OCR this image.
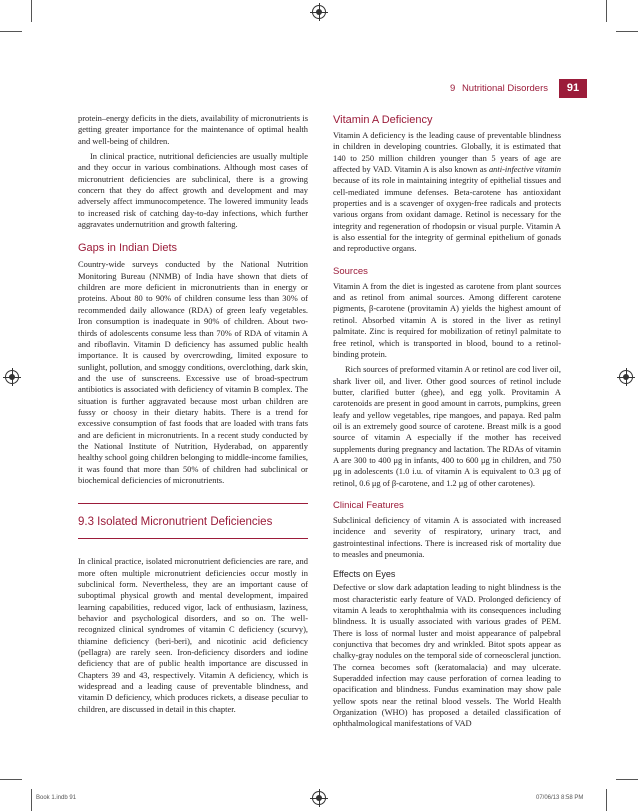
9 Nutritional Disorders	91

protein–energy deficits in the diets, availability of micronutrients is getting greater importance for the maintenance of optimal health and well-being of children.

In clinical practice, nutritional deficiencies are usually multiple and they occur in various combinations. Although most cases of micronutrient deficiencies are subclinical, there is a growing concern that they do affect growth and development and may adversely affect immunocompetence. The lowered immunity leads to increased risk of catching day-to-day infections, which further aggravates undernutrition and growth faltering.

Gaps in Indian Diets

Country-wide surveys conducted by the National Nutrition Monitoring Bureau (NNMB) of India have shown that diets of children are more deficient in micronutrients than in energy or proteins. About 80 to 90% of children consume less than 30% of recommended daily allowance (RDA) of green leafy vegetables. Iron consumption is inadequate in 90% of children. About two-thirds of adolescents consume less than 70% of RDA of vitamin A and riboflavin. Vitamin D deficiency has assumed public health importance. It is caused by overcrowding, limited exposure to sunlight, pollution, and smoggy conditions, overclothing, dark skin, and the use of sunscreens. Excessive use of broad-spectrum antibiotics is associated with deficiency of vitamin B complex. The situation is further aggravated because most urban children are fussy or choosy in their dietary habits. There is a trend for excessive consumption of fast foods that are loaded with trans fats and are deficient in micronutrients. In a recent study conducted by the National Institute of Nutrition, Hyderabad, on apparently healthy school going children belonging to middle-income families, it was found that more than 50% of children had subclinical or biochemical deficiencies of micronutrients.

9.3 Isolated Micronutrient Deficiencies

In clinical practice, isolated micronutrient deficiencies are rare, and more often multiple micronutrient deficiencies occur mostly in subclinical form. Nevertheless, they are an important cause of suboptimal physical growth and mental development, impaired learning capabilities, reduced vigor, lack of enthusiasm, laziness, behavior and psychological disorders, and so on. The well-recognized clinical syndromes of vitamin C deficiency (scurvy), thiamine deficiency (beri-beri), and nicotinic acid deficiency (pellagra) are rarely seen. Iron-deficiency disorders and iodine deficiency that are of public health importance are discussed in Chapters 39 and 43, respectively. Vitamin A deficiency, which is widespread and a leading cause of preventable blindness, and vitamin D deficiency, which produces rickets, a disease peculiar to children, are discussed in detail in this chapter.

Vitamin A Deficiency

Vitamin A deficiency is the leading cause of preventable blindness in children in developing countries. Globally, it is estimated that 140 to 250 million children younger than 5 years of age are affected by VAD. Vitamin A is also known as anti-infective vitamin because of its role in maintaining integrity of epithelial tissues and cell-mediated immune defenses. Beta-carotene has antioxidant properties and is a scavenger of oxygen-free radicals and protects various organs from oxidant damage. Retinol is necessary for the integrity and regeneration of rhodopsin or visual purple. Vitamin A is also essential for the integrity of germinal epithelium of gonads and reproductive organs.

Sources

Vitamin A from the diet is ingested as carotene from plant sources and as retinol from animal sources. Among different carotene pigments, β-carotene (provitamin A) yields the highest amount of retinol. Absorbed vitamin A is stored in the liver as retinyl palmitate. Zinc is required for mobilization of retinyl palmitate to free retinol, which is transported in blood, bound to a retinol-binding protein.

Rich sources of preformed vitamin A or retinol are cod liver oil, shark liver oil, and liver. Other good sources of retinol include butter, clarified butter (ghee), and egg yolk. Provitamin A carotenoids are present in good amount in carrots, pumpkins, green leafy and yellow vegetables, ripe mangoes, and papaya. Red palm oil is an extremely good source of carotene. Breast milk is a good source of vitamin A especially if the mother has received supplements during pregnancy and lactation. The RDAs of vitamin A are 300 to 400 μg in infants, 400 to 600 μg in children, and 750 μg in adolescents (1.0 i.u. of vitamin A is equivalent to 0.3 μg of retinol, 0.6 μg of β-carotene, and 1.2 μg of other carotenes).

Clinical Features

Subclinical deficiency of vitamin A is associated with increased incidence and severity of respiratory, urinary tract, and gastrointestinal infections. There is increased risk of mortality due to measles and pneumonia.

Effects on Eyes

Defective or slow dark adaptation leading to night blindness is the most characteristic early feature of VAD. Prolonged deficiency of vitamin A leads to xerophthalmia with its consequences including blindness. It is usually associated with various grades of PEM. There is loss of normal luster and moist appearance of palpebral conjunctiva that becomes dry and wrinkled. Bitot spots appear as chalky-gray nodules on the temporal side of corneoscleral junction. The cornea becomes soft (keratomalacia) and may ulcerate. Superadded infection may cause perforation of cornea leading to opacification and blindness. Fundus examination may show pale yellow spots near the retinal blood vessels. The World Health Organization (WHO) has proposed a detailed classification of ophthalmological manifestations of VAD

Book 1.indb 91	07/06/13 8:58 PM
